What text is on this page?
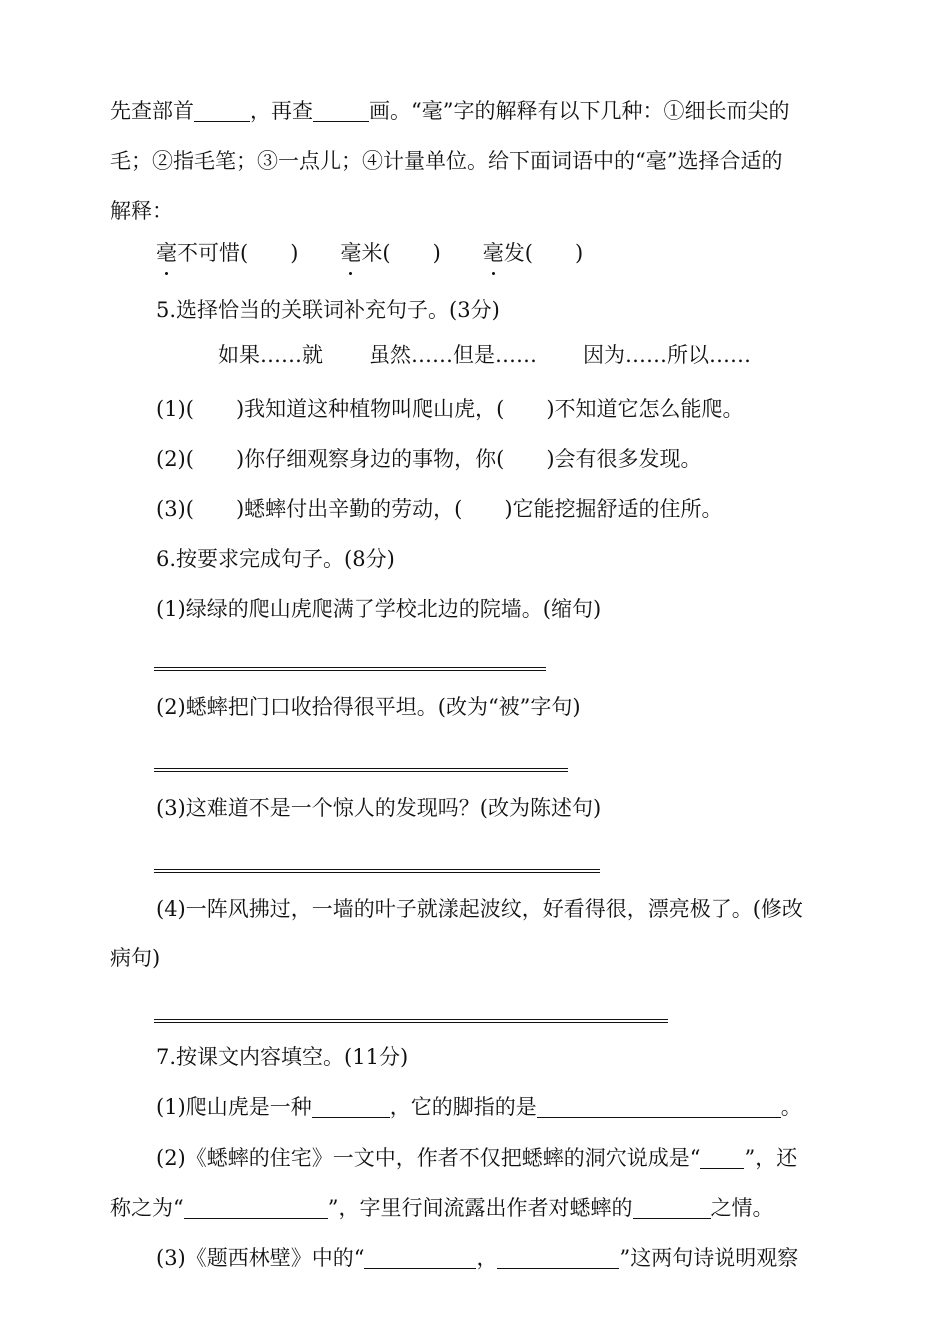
先查部首	，再查	画。“毫”字的解释有以下几种：①细长而尖的
毛；②指毛笔；③一点儿；④计量单位。给下面词语中的“毫”选择合适的
解释：
毫不可惜(　　) 毫米(　　) 毫发(　　)
5.选择恰当的关联词补充句子。(3分)
如果……就 虽然……但是…… 因为……所以……
(1)(　　)我知道这种植物叫爬山虎，(　　)不知道它怎么能爬。
(2)(　　)你仔细观察身边的事物，你(　　)会有很多发现。
(3)(　　)蟋蟀付出辛勤的劳动，(　　)它能挖掘舒适的住所。
6.按要求完成句子。(8分)
(1)绿绿的爬山虎爬满了学校北边的院墙。(缩句)
(2)蟋蟀把门口收拾得很平坦。(改为“被”字句)
(3)这难道不是一个惊人的发现吗？(改为陈述句)
(4)一阵风拂过，一墙的叶子就漾起波纹，好看得很，漂亮极了。(修改
病句)
7.按课文内容填空。(11分)
(1)爬山虎是一种	，它的脚指的是	。
(2)《蟋蟀的住宅》一文中，作者不仅把蟋蟀的洞穴说成是“ ”，还
称之为“	”，字里行间流露出作者对蟋蟀的	之情。
(3)《题西林壁》中的“	，	”这两句诗说明观察
